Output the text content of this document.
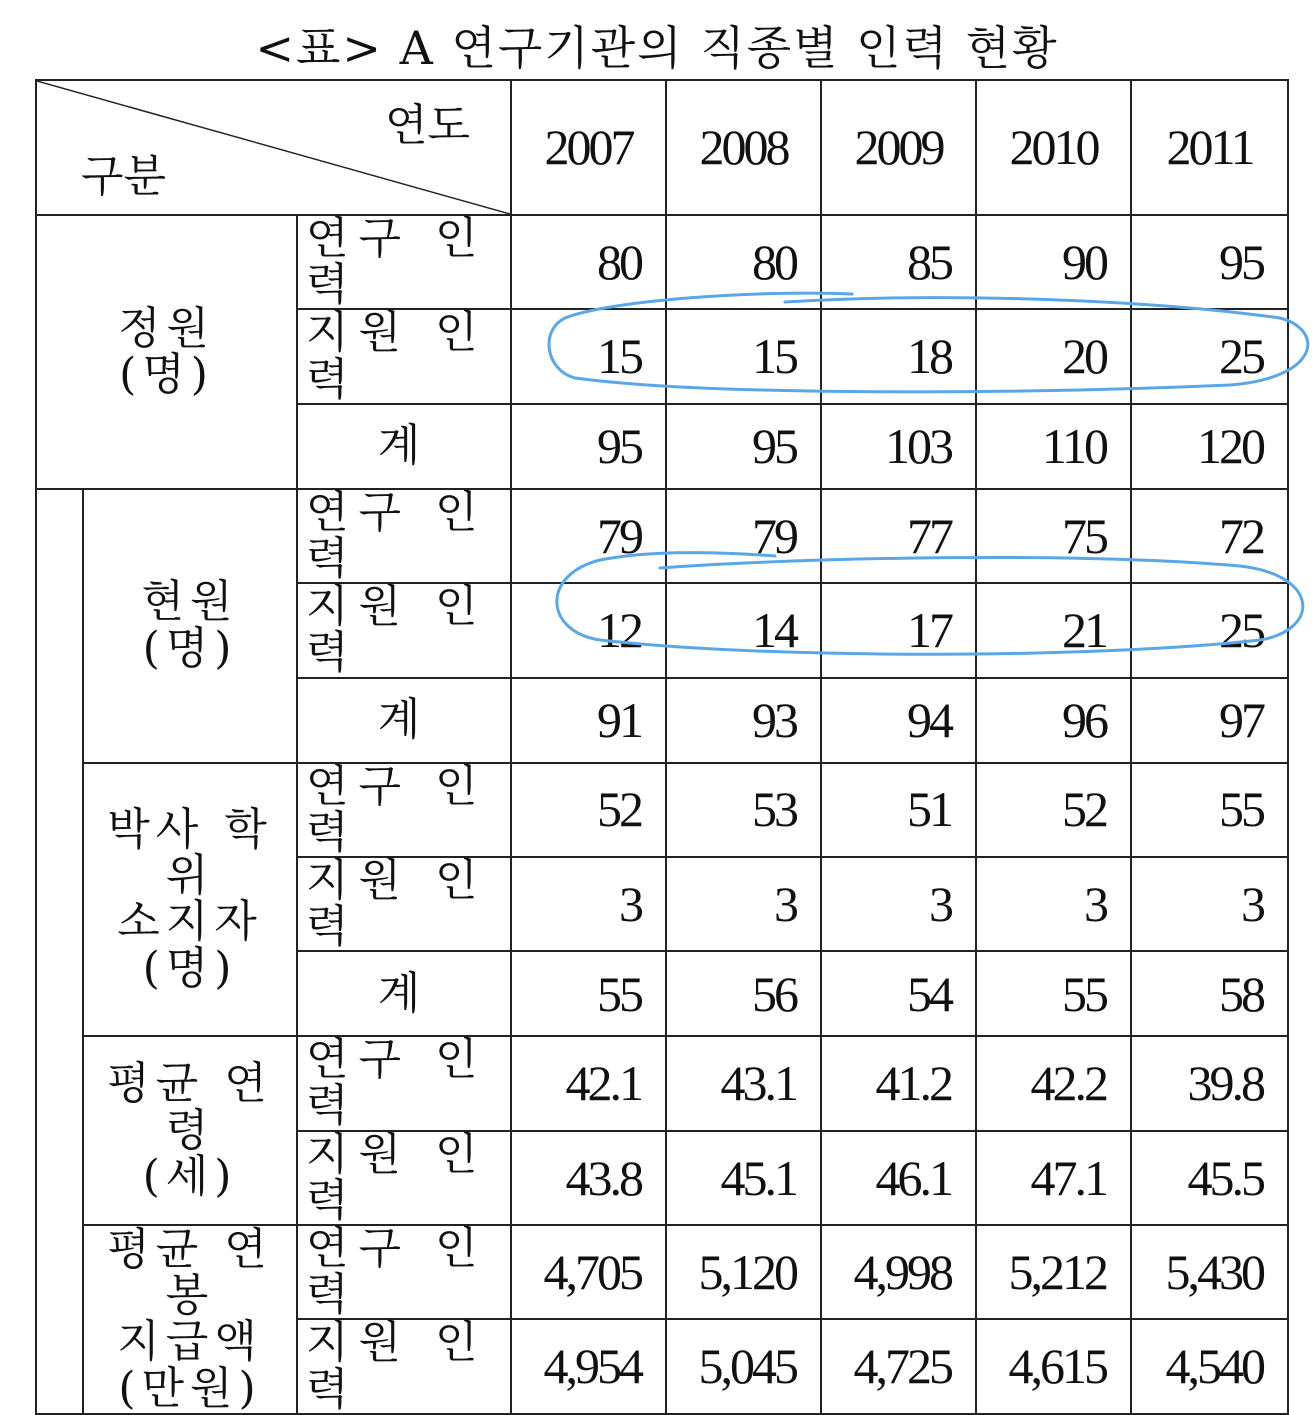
<표> A 연구기관의 직종별 인력 현황
연도
구분			2007	2008	2009	2010	2011

정원
(명)		연구 인력	80	80	85	90	95
		지원 인력	15	15	18	20	25
		계	95	95	103	110	120

	현원
(명)	연구 인력	79	79	77	75	72
		지원 인력	12	14	17	21	25
		계	91	93	94	96	97

	박사 학위
소지자
(명)	연구 인력	52	53	51	52	55
		지원 인력	3	3	3	3	3
		계	55	56	54	55	58

	평균 연령
(세)	연구 인력	42.1	43.1	41.2	42.2	39.8
		지원 인력	43.8	45.1	46.1	47.1	45.5

	평균 연봉
지급액
(만원)	연구 인력	4,705	5,120	4,998	5,212	5,430
		지원 인력	4,954	5,045	4,725	4,615	4,540
